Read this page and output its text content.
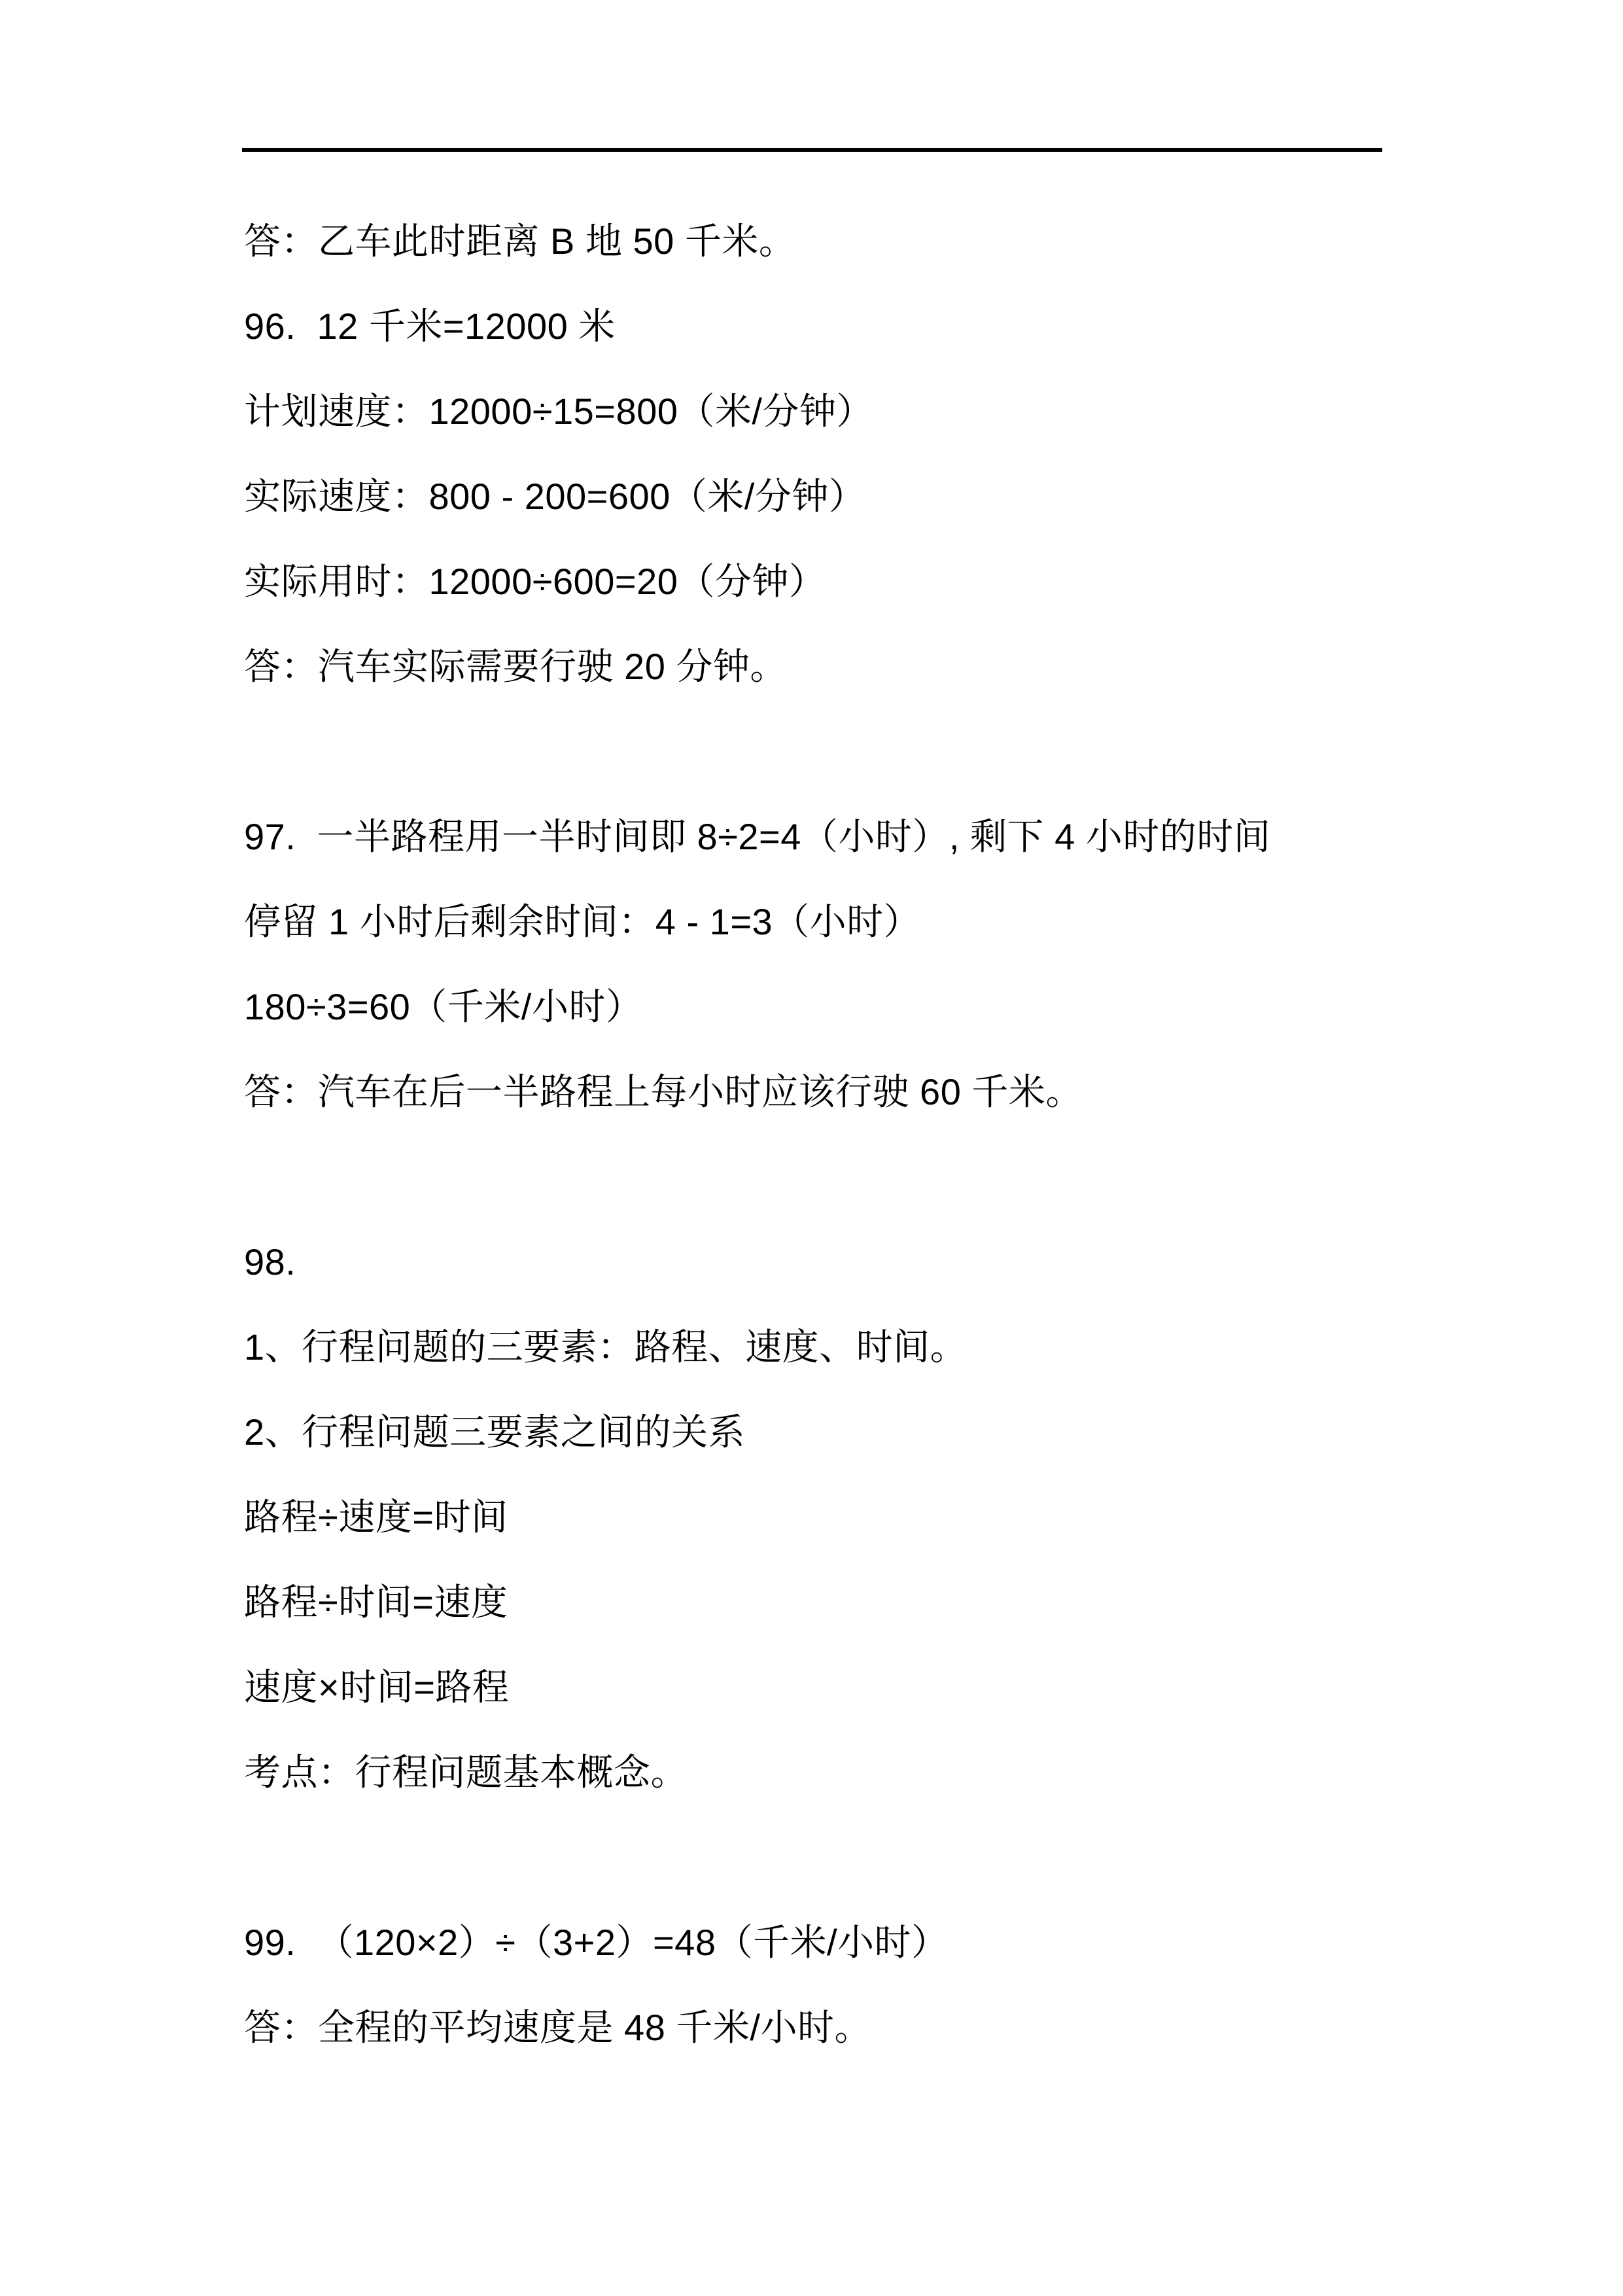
答：乙车此时距离 B 地 50 千米。

96.  12 千米=12000 米

计划速度：12000÷15=800（米/分钟）

实际速度：800 - 200=600（米/分钟）

实际用时：12000÷600=20（分钟）

答：汽车实际需要行驶 20 分钟。

97.  一半路程用一半时间即 8÷2=4（小时）, 剩下 4 小时的时间

停留 1 小时后剩余时间：4 - 1=3（小时）

180÷3=60（千米/小时）

答：汽车在后一半路程上每小时应该行驶 60 千米。

98.

1、行程问题的三要素：路程、速度、时间。

2、行程问题三要素之间的关系

路程÷速度=时间

路程÷时间=速度

速度×时间=路程

考点：行程问题基本概念。

99.  （120×2）÷（3+2）=48（千米/小时）

答：全程的平均速度是 48 千米/小时。
